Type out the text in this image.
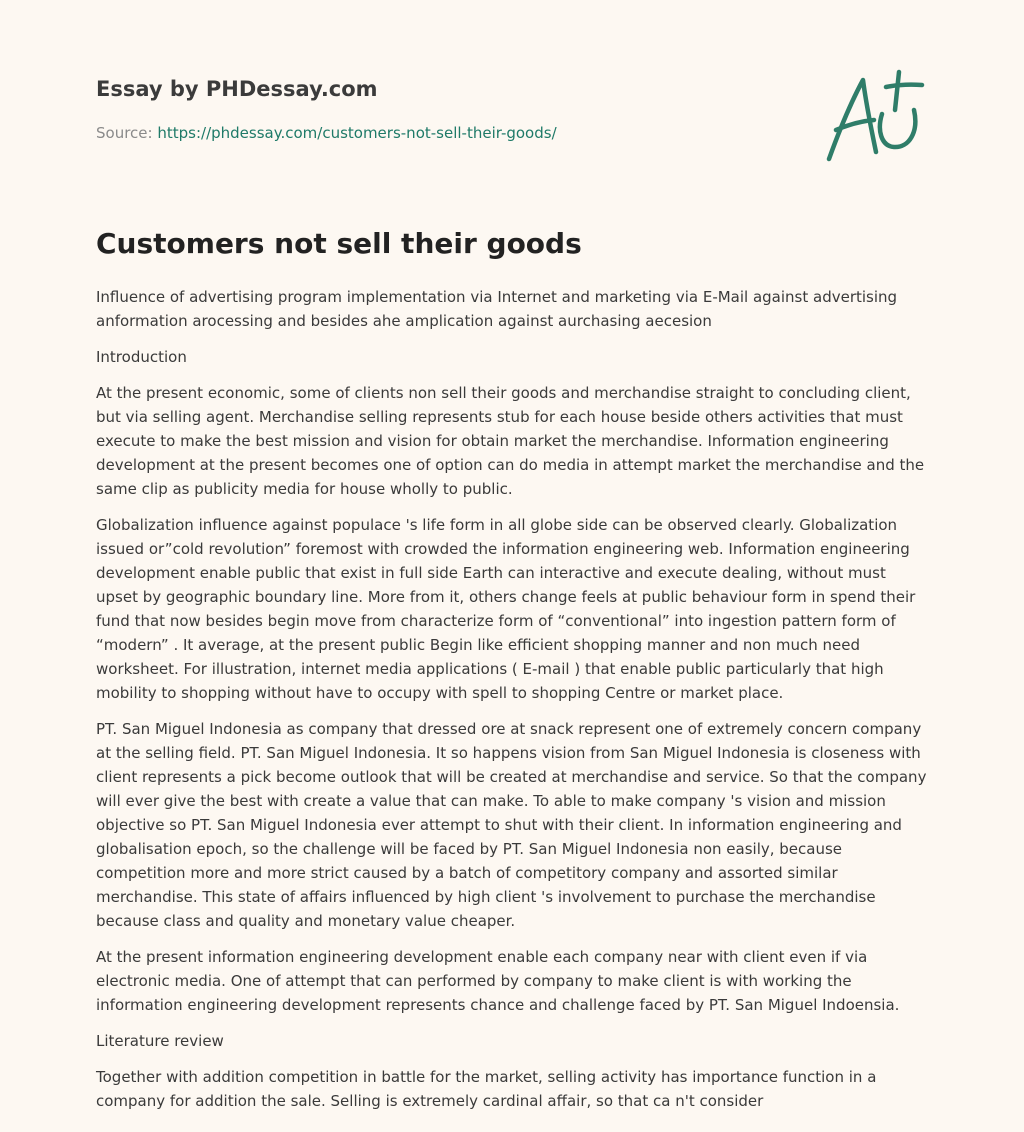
Essay by PHDessay.com
Source: https://phdessay.com/customers-not-sell-their-goods/
Customers not sell their goods

Influence of advertising program implementation via Internet and marketing via E-Mail against advertising anformation arocessing and besides ahe amplication against aurchasing aecesion

Introduction

At the present economic, some of clients non sell their goods and merchandise straight to concluding client, but via selling agent. Merchandise selling represents stub for each house beside others activities that must execute to make the best mission and vision for obtain market the merchandise. Information engineering development at the present becomes one of option can do media in attempt market the merchandise and the same clip as publicity media for house wholly to public.

Globalization influence against populace 's life form in all globe side can be observed clearly. Globalization issued or”cold revolution” foremost with crowded the information engineering web. Information engineering development enable public that exist in full side Earth can interactive and execute dealing, without must upset by geographic boundary line. More from it, others change feels at public behaviour form in spend their fund that now besides begin move from characterize form of “conventional” into ingestion pattern form of “modern” . It average, at the present public Begin like efficient shopping manner and non much need worksheet. For illustration, internet media applications ( E-mail ) that enable public particularly that high mobility to shopping without have to occupy with spell to shopping Centre or market place.

PT. San Miguel Indonesia as company that dressed ore at snack represent one of extremely concern company at the selling field. PT. San Miguel Indonesia. It so happens vision from San Miguel Indonesia is closeness with client represents a pick become outlook that will be created at merchandise and service. So that the company will ever give the best with create a value that can make. To able to make company 's vision and mission objective so PT. San Miguel Indonesia ever attempt to shut with their client. In information engineering and globalisation epoch, so the challenge will be faced by PT. San Miguel Indonesia non easily, because competition more and more strict caused by a batch of competitory company and assorted similar merchandise. This state of affairs influenced by high client 's involvement to purchase the merchandise because class and quality and monetary value cheaper.

At the present information engineering development enable each company near with client even if via electronic media. One of attempt that can performed by company to make client is with working the information engineering development represents chance and challenge faced by PT. San Miguel Indoensia.

Literature review

Together with addition competition in battle for the market, selling activity has importance function in a company for addition the sale. Selling is extremely cardinal affair, so that ca n't consider
